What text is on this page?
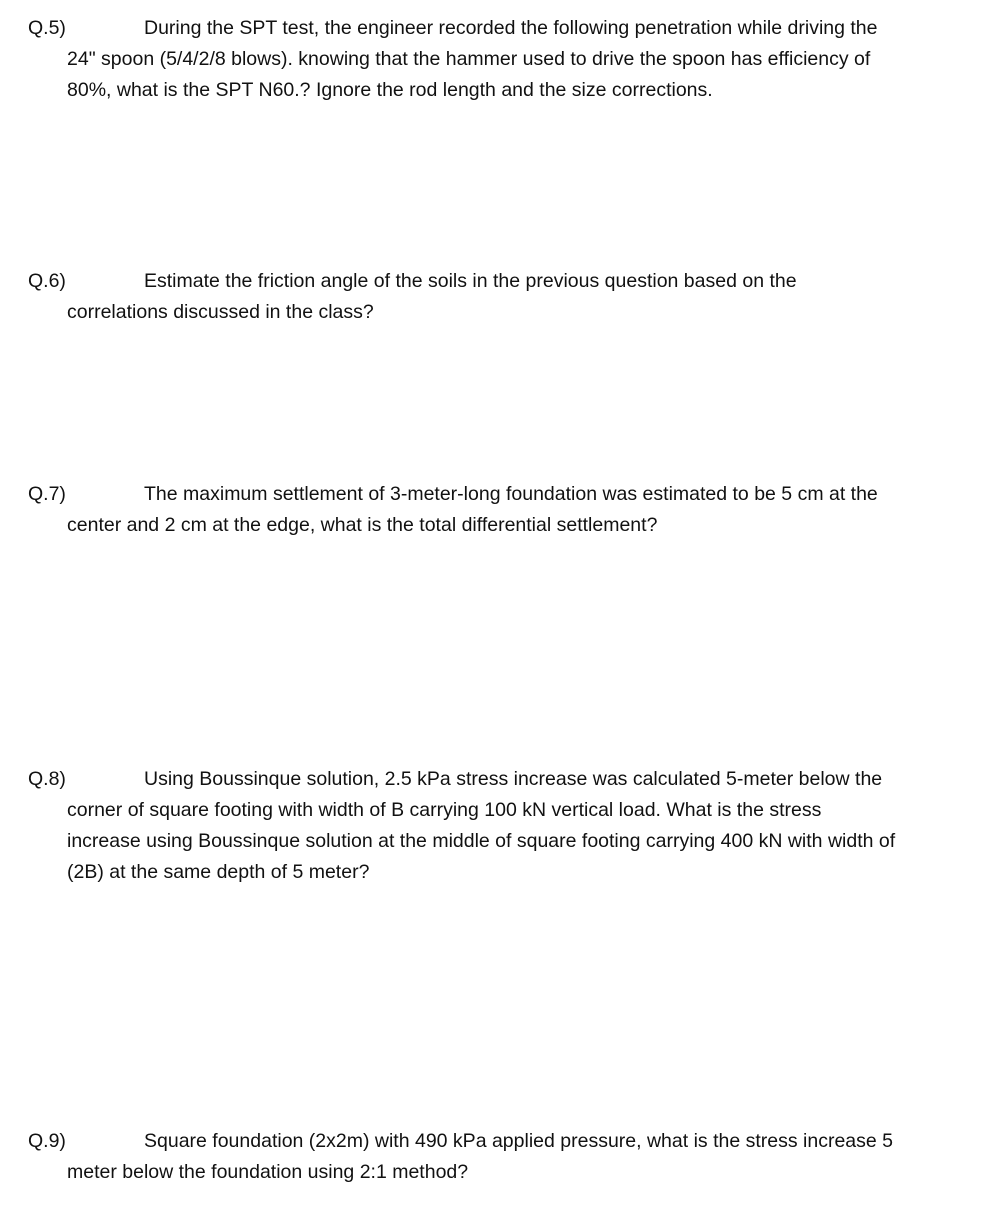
Q.5)	During the SPT test, the engineer recorded the following penetration while driving the
24" spoon (5/4/2/8 blows). knowing that the hammer used to drive the spoon has efficiency of
80%, what is the SPT N60.? Ignore the rod length and the size corrections.
Q.6)	Estimate the friction angle of the soils in the previous question based on the
correlations discussed in the class?
Q.7)	The maximum settlement of 3-meter-long foundation was estimated to be 5 cm at the
center and 2 cm at the edge, what is the total differential settlement?
Q.8)	Using Boussinque solution, 2.5 kPa stress increase was calculated 5-meter below the
corner of square footing with width of B carrying 100 kN vertical load. What is the stress
increase using Boussinque solution at the middle of square footing carrying 400 kN with width of
(2B) at the same depth of 5 meter?
Q.9)	Square foundation (2x2m) with 490 kPa applied pressure, what is the stress increase 5
meter below the foundation using 2:1 method?
